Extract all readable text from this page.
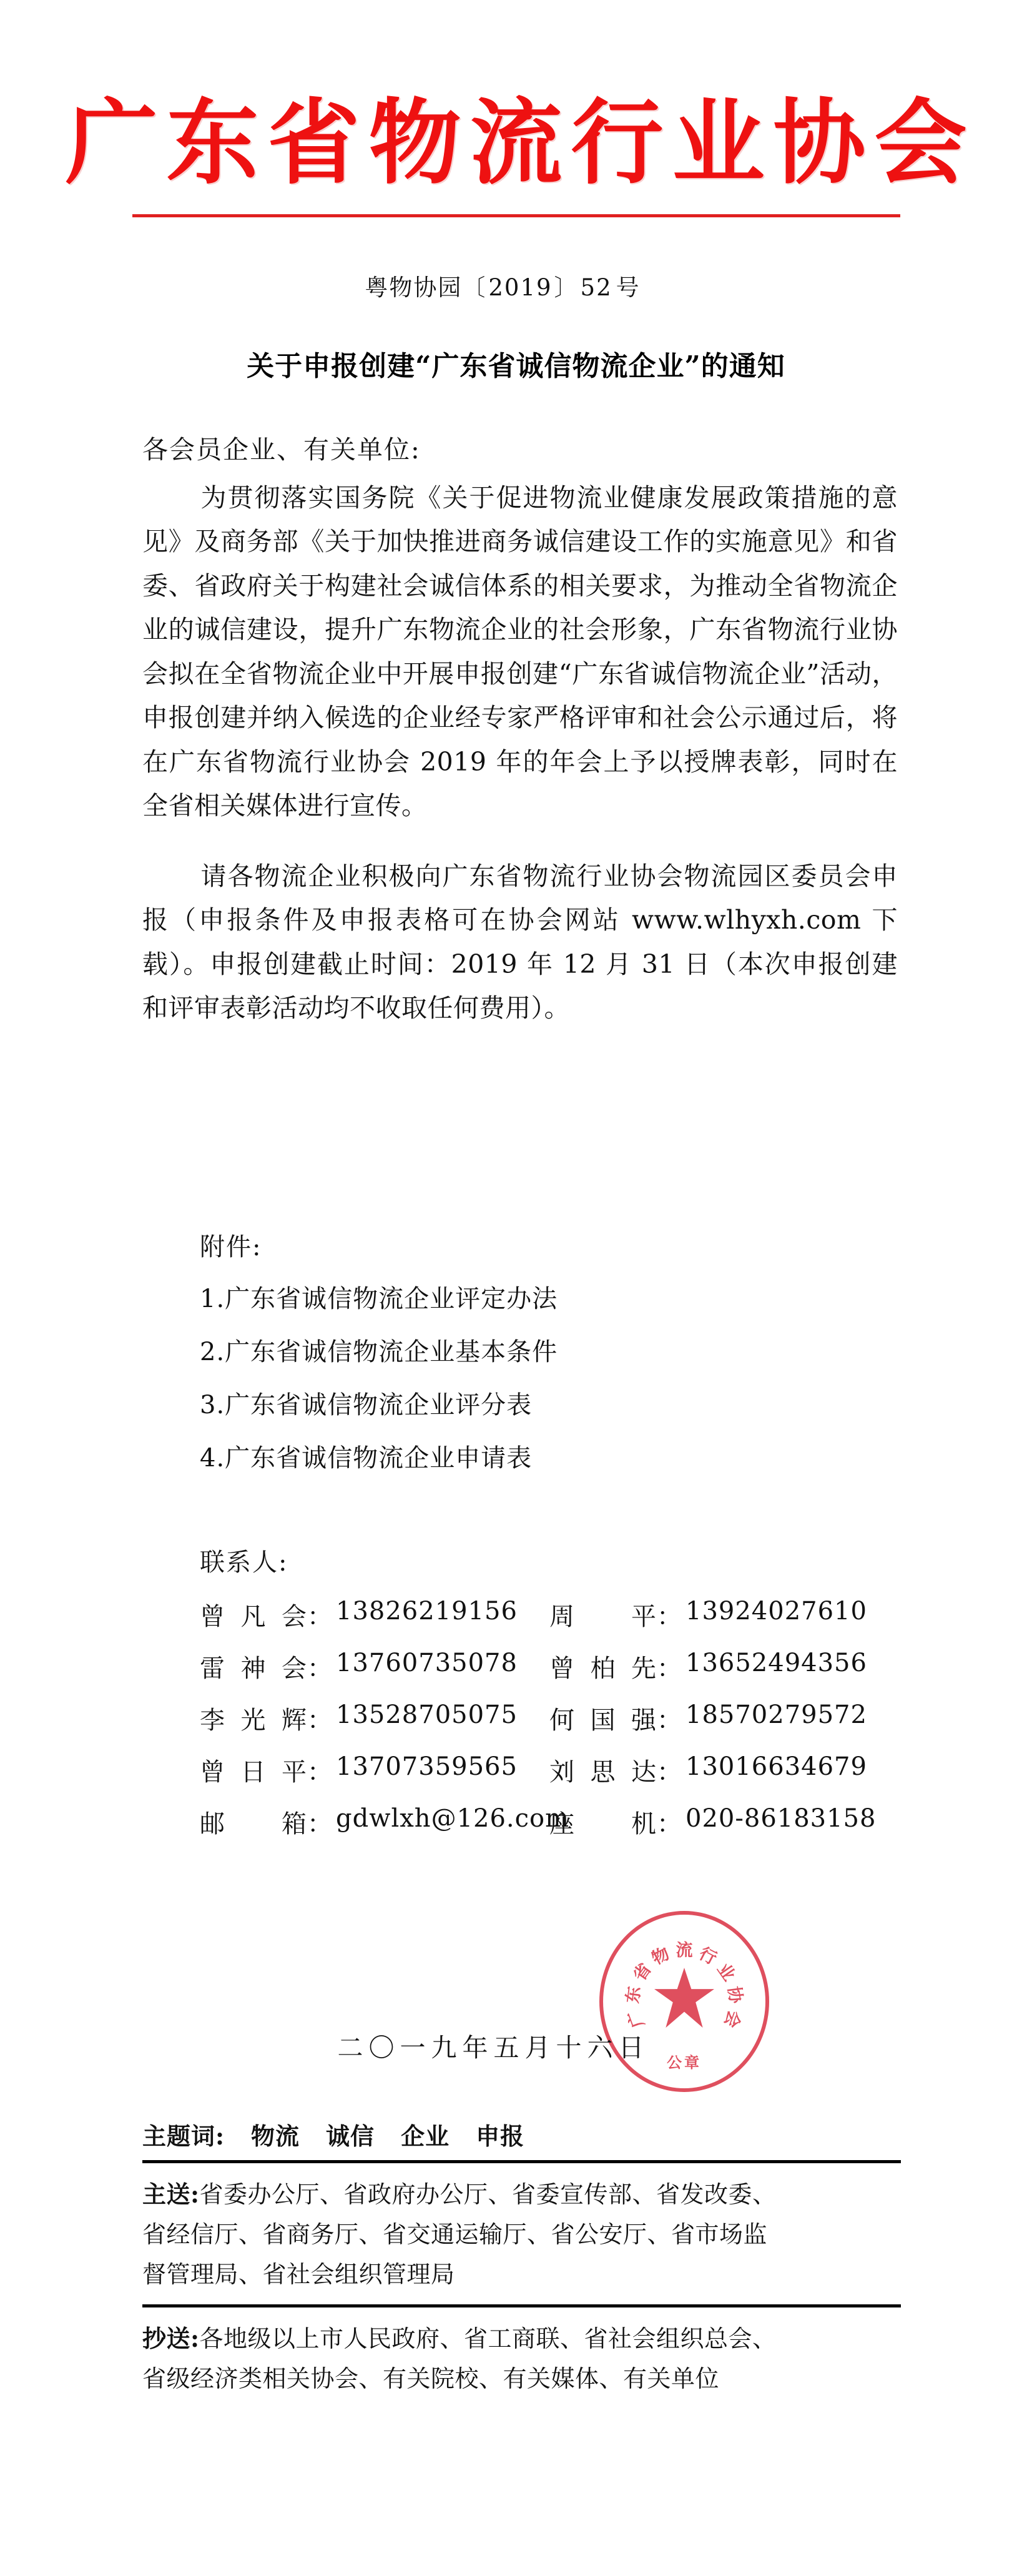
广东省物流行业协会
粤物协园〔2019〕52 号
关于申报创建“广东省诚信物流企业”的通知
各会员企业、有关单位:

为贯彻落实国务院《关于促进物流业健康发展政策措施的意见》及商务部《关于加快推进商务诚信建设工作的实施意见》和省委、省政府关于构建社会诚信体系的相关要求，为推动全省物流企业的诚信建设，提升广东物流企业的社会形象，广东省物流行业协会拟在全省物流企业中开展申报创建“广东省诚信物流企业”活动，申报创建并纳入候选的企业经专家严格评审和社会公示通过后，将在广东省物流行业协会 2019 年的年会上予以授牌表彰，同时在全省相关媒体进行宣传。

请各物流企业积极向广东省物流行业协会物流园区委员会申报（申报条件及申报表格可在协会网站 www.wlhyxh.com 下载）。申报创建截止时间：2019 年 12 月 31 日（本次申报创建和评审表彰活动均不收取任何费用）。

附件:
1.广东省诚信物流企业评定办法
2.广东省诚信物流企业基本条件
3.广东省诚信物流企业评分表
4.广东省诚信物流企业申请表
联系人:
曾凡会 ： 13826219156 周 平 ： 13924027610
雷神会 ： 13760735078 曾柏先 ： 13652494356
李光辉 ： 13528705075 何国强 ： 18570279572
曾日平 ： 13707359565 刘思达 ： 13016634679
邮 箱 ： gdwlxh@126.com
座 机 ： 020-86183158
广
东
省
物 流 行
业
协
会
公章
二〇一九年五月十六日
主题词: 物流 诚信 企业 申报
主送:省委办公厅、省政府办公厅、省委宣传部、省发改委、
省经信厅、省商务厅、省交通运输厅、省公安厅、省市场监
督管理局、省社会组织管理局
抄送:各地级以上市人民政府、省工商联、省社会组织总会、
省级经济类相关协会、有关院校、有关媒体、有关单位
